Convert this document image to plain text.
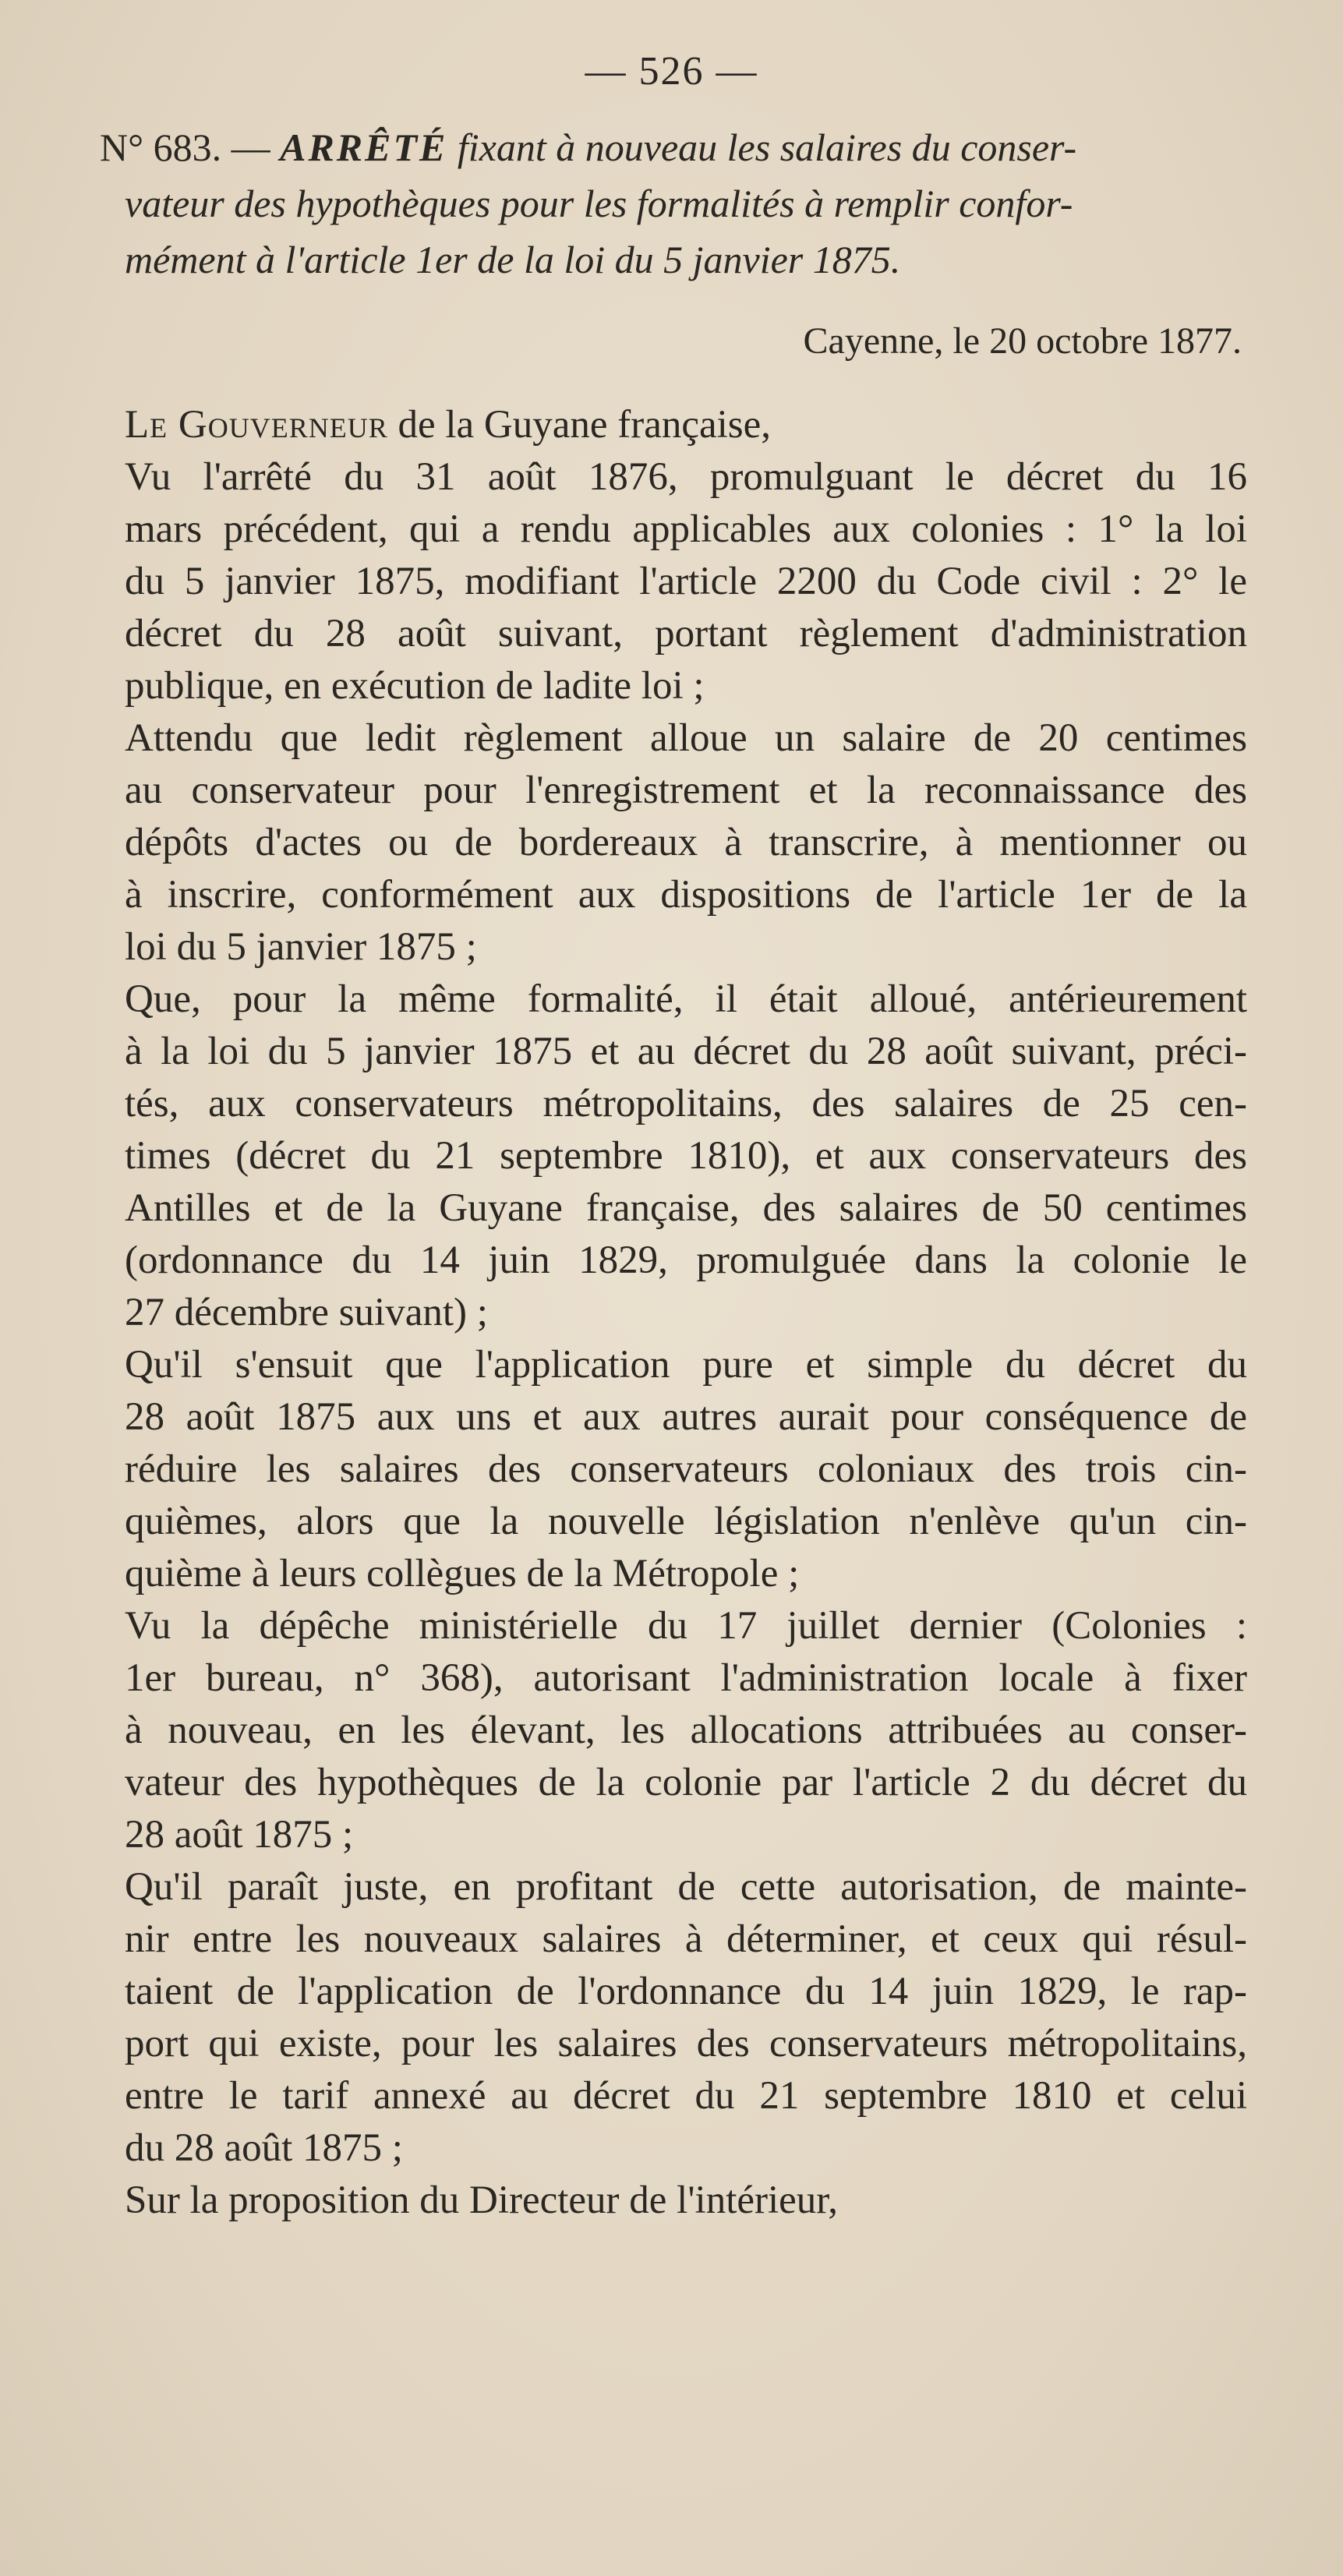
— 526 —
N° 683. — ARRÊTÉ fixant à nouveau les salaires du conser-
vateur des hypothèques pour les formalités à remplir confor-
mément à l'article 1er de la loi du 5 janvier 1875.
Cayenne, le 20 octobre 1877.
Le Gouverneur de la Guyane française,
Vu l'arrêté du 31 août 1876, promulguant le décret du 16
mars précédent, qui a rendu applicables aux colonies : 1° la loi
du 5 janvier 1875, modifiant l'article 2200 du Code civil : 2° le
décret du 28 août suivant, portant règlement d'administration
publique, en exécution de ladite loi ;
Attendu que ledit règlement alloue un salaire de 20 centimes
au conservateur pour l'enregistrement et la reconnaissance des
dépôts d'actes ou de bordereaux à transcrire, à mentionner ou
à inscrire, conformément aux dispositions de l'article 1er de la
loi du 5 janvier 1875 ;
Que, pour la même formalité, il était alloué, antérieurement
à la loi du 5 janvier 1875 et au décret du 28 août suivant, préci-
tés, aux conservateurs métropolitains, des salaires de 25 cen-
times (décret du 21 septembre 1810), et aux conservateurs des
Antilles et de la Guyane française, des salaires de 50 centimes
(ordonnance du 14 juin 1829, promulguée dans la colonie le
27 décembre suivant) ;
Qu'il s'ensuit que l'application pure et simple du décret du
28 août 1875 aux uns et aux autres aurait pour conséquence de
réduire les salaires des conservateurs coloniaux des trois cin-
quièmes, alors que la nouvelle législation n'enlève qu'un cin-
quième à leurs collègues de la Métropole ;
Vu la dépêche ministérielle du 17 juillet dernier (Colonies :
1er bureau, n° 368), autorisant l'administration locale à fixer
à nouveau, en les élevant, les allocations attribuées au conser-
vateur des hypothèques de la colonie par l'article 2 du décret du
28 août 1875 ;
Qu'il paraît juste, en profitant de cette autorisation, de mainte-
nir entre les nouveaux salaires à déterminer, et ceux qui résul-
taient de l'application de l'ordonnance du 14 juin 1829, le rap-
port qui existe, pour les salaires des conservateurs métropolitains,
entre le tarif annexé au décret du 21 septembre 1810 et celui
du 28 août 1875 ;
Sur la proposition du Directeur de l'intérieur,
